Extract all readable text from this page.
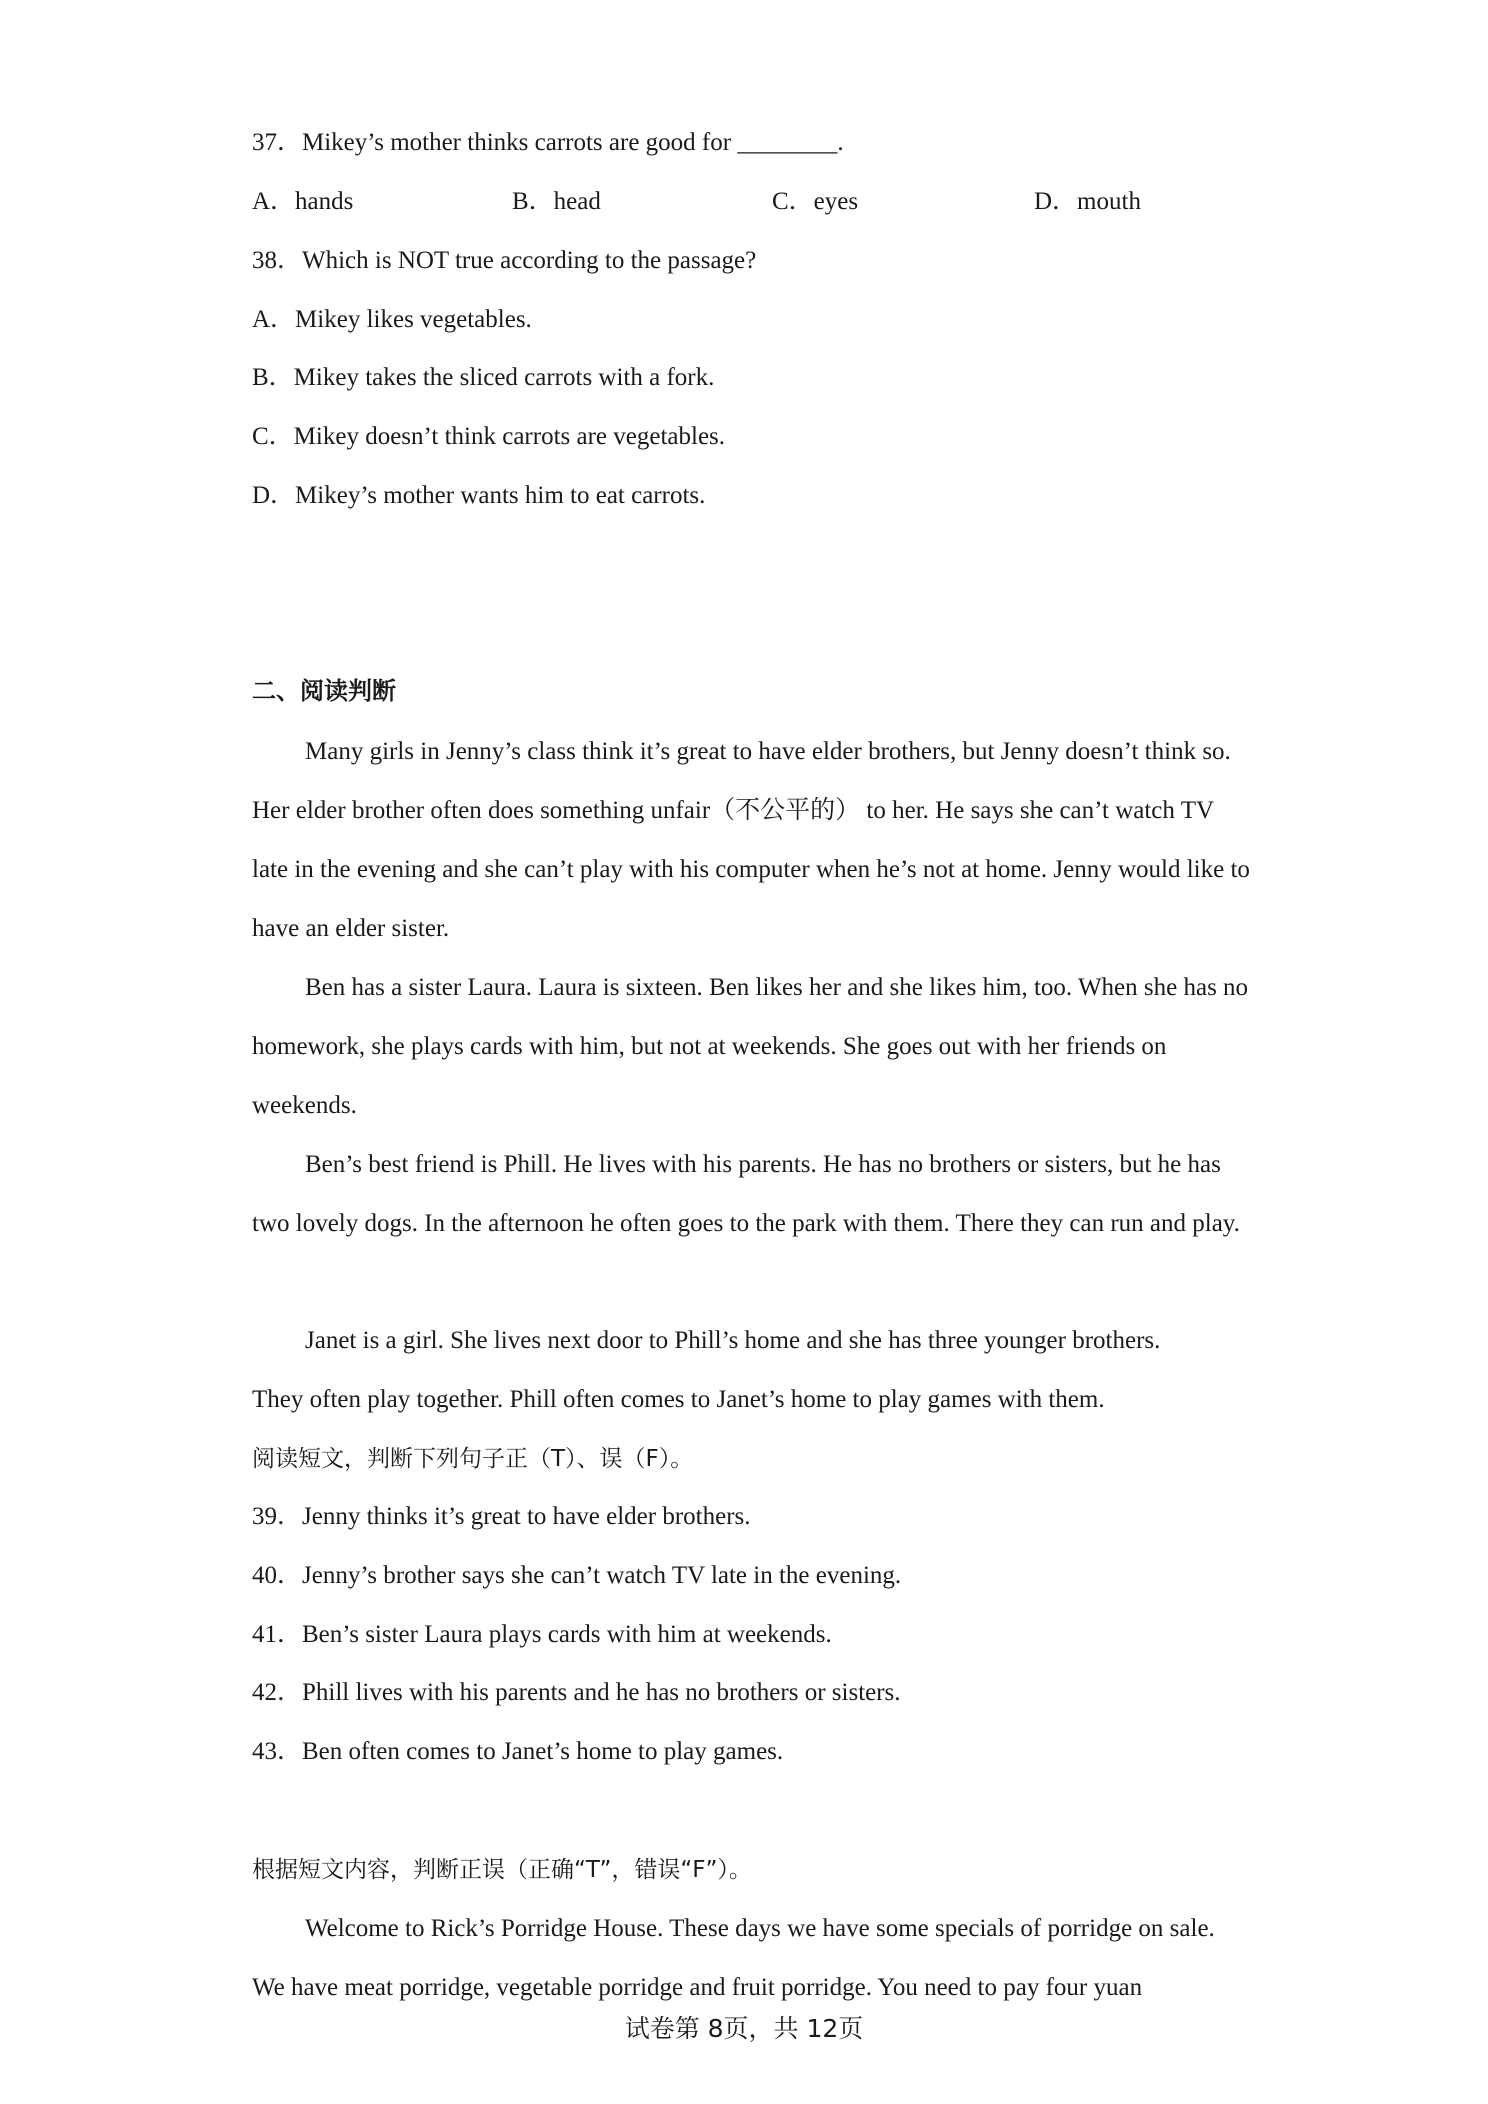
37．Mikey’s mother thinks carrots are good for ________.
A．hands	B．head	C．eyes	D．mouth
38．Which is NOT true according to the passage?
A．Mikey likes vegetables.
B．Mikey takes the sliced carrots with a fork.
C．Mikey doesn’t think carrots are vegetables.
D．Mikey’s mother wants him to eat carrots.
二、阅读判断
Many girls in Jenny’s class think it’s great to have elder brothers, but Jenny doesn’t think so. Her elder brother often does something unfair（不公平的） to her. He says she can’t watch TV late in the evening and she can’t play with his computer when he’s not at home. Jenny would like to have an elder sister.
Ben has a sister Laura. Laura is sixteen. Ben likes her and she likes him, too. When she has no homework, she plays cards with him, but not at weekends. She goes out with her friends on weekends.
Ben’s best friend is Phill. He lives with his parents. He has no brothers or sisters, but he has two lovely dogs. In the afternoon he often goes to the park with them. There they can run and play.
Janet is a girl. She lives next door to Phill’s home and she has three younger brothers.
They often play together. Phill often comes to Janet’s home to play games with them.
阅读短文，判断下列句子正（T）、误（F）。
39．Jenny thinks it’s great to have elder brothers.
40．Jenny’s brother says she can’t watch TV late in the evening.
41．Ben’s sister Laura plays cards with him at weekends.
42．Phill lives with his parents and he has no brothers or sisters.
43．Ben often comes to Janet’s home to play games.
根据短文内容，判断正误（正确“T”，错误“F”）。
Welcome to Rick’s Porridge House. These days we have some specials of porridge on sale. We have meat porridge, vegetable porridge and fruit porridge. You need to pay four yuan
试卷第 8页，共 12页
